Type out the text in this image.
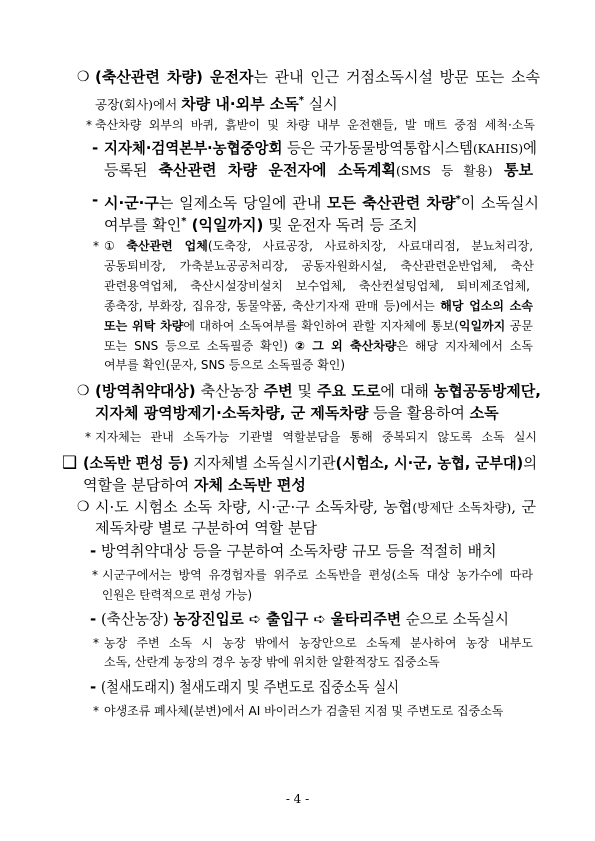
❍ (축산관련 차량) 운전자는 관내 인근 거점소독시설 방문 또는 소속
공장(회사)에서 차량 내·외부 소독* 실시
* 축산차량 외부의 바퀴, 흙받이 및 차량 내부 운전핸들, 발 매트 중점 세척·소독
- 지자체·검역본부·농협중앙회 등은 국가동물방역통합시스템(KAHIS)에
등록된 축산관련 차량 운전자에 소독계획(SMS 등 활용) 통보
- 시·군·구는 일제소독 당일에 관내 모든 축산관련 차량*이 소독실시
여부를 확인* (익일까지) 및 운전자 독려 등 조치
* ① 축산관련 업체(도축장, 사료공장, 사료하치장, 사료대리점, 분뇨처리장,
공동퇴비장, 가축분뇨공공처리장, 공동자원화시설, 축산관련운반업체, 축산
관련용역업체, 축산시설장비설치 보수업체, 축산컨설팅업체, 퇴비제조업체,
종축장, 부화장, 집유장, 동물약품, 축산기자재 판매 등)에서는 해당 업소의 소속
또는 위탁 차량에 대하여 소독여부를 확인하여 관할 지자체에 통보(익일까지 공문
또는 SNS 등으로 소독필증 확인) ② 그 외 축산차량은 해당 지자체에서 소독
여부를 확인(문자, SNS 등으로 소독필증 확인)
❍ (방역취약대상) 축산농장 주변 및 주요 도로에 대해 농협공동방제단,
지자체 광역방제기·소독차량, 군 제독차량 등을 활용하여 소독
* 지자체는 관내 소독가능 기관별 역할분담을 통해 중복되지 않도록 소독 실시
❑ (소독반 편성 등) 지자체별 소독실시기관(시험소, 시·군, 농협, 군부대)의
역할을 분담하여 자체 소독반 편성
❍ 시·도 시험소 소독 차량, 시·군·구 소독차량, 농협(방제단 소독차량), 군
제독차량 별로 구분하여 역할 분담
- 방역취약대상 등을 구분하여 소독차량 규모 등을 적절히 배치
* 시군구에서는 방역 유경험자를 위주로 소독반을 편성(소독 대상 농가수에 따라
인원은 탄력적으로 편성 가능)
- (축산농장) 농장진입로 ➪ 출입구 ➪ 울타리주변 순으로 소독실시
* 농장 주변 소독 시 농장 밖에서 농장안으로 소독제 분사하여 농장 내부도
소독, 산란계 농장의 경우 농장 밖에 위치한 알환적장도 집중소독
- (철새도래지) 철새도래지 및 주변도로 집중소독 실시
* 야생조류 폐사체(분변)에서 AI 바이러스가 검출된 지점 및 주변도로 집중소독
- 4 -
